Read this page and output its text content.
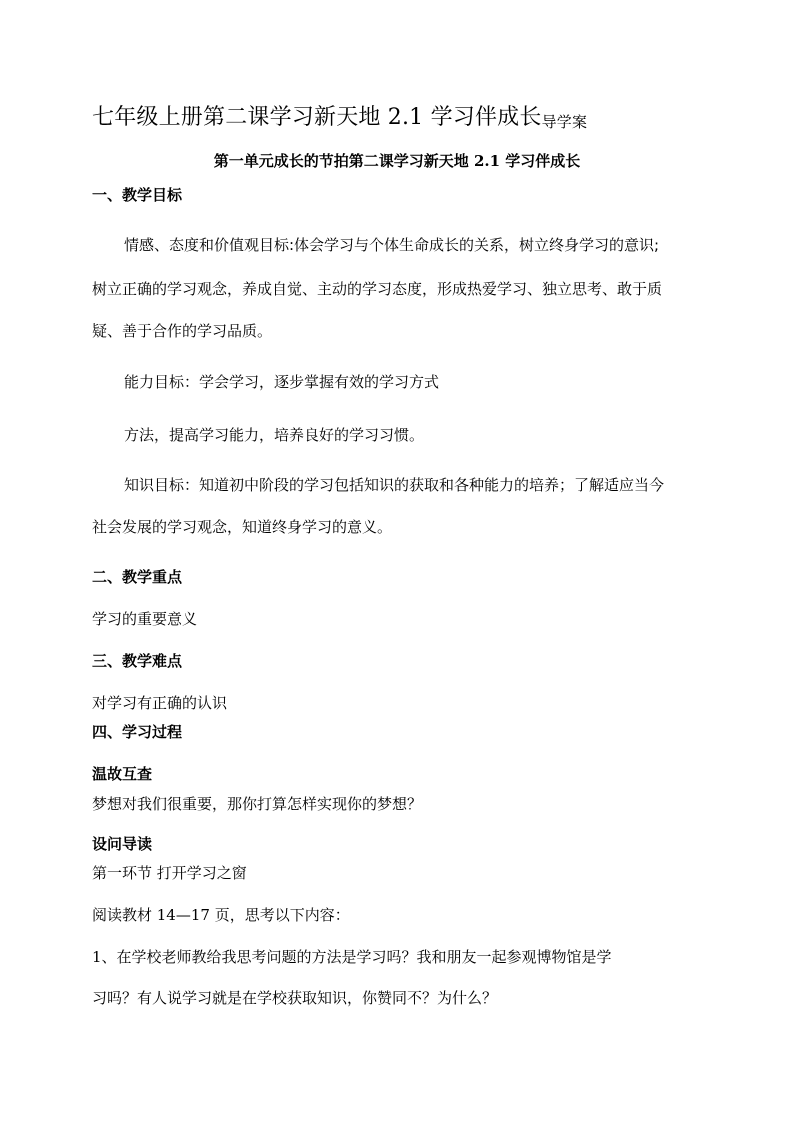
七年级上册第二课学习新天地 2.1 学习伴成长导学案
第一单元成长的节拍第二课学习新天地 2.1 学习伴成长
一、教学目标
情感、态度和价值观目标:体会学习与个体生命成长的关系，树立终身学习的意识;
树立正确的学习观念，养成自觉、主动的学习态度，形成热爱学习、独立思考、敢于质
疑、善于合作的学习品质。
能力目标：学会学习，逐步掌握有效的学习方式
方法，提高学习能力，培养良好的学习习惯。
知识目标：知道初中阶段的学习包括知识的获取和各种能力的培养；了解适应当今
社会发展的学习观念，知道终身学习的意义。
二、教学重点
学习的重要意义
三、教学难点
对学习有正确的认识
四、学习过程
温故互查
梦想对我们很重要，那你打算怎样实现你的梦想？
设问导读
第一环节 打开学习之窗
阅读教材 14—17 页，思考以下内容：
1、在学校老师教给我思考问题的方法是学习吗？我和朋友一起参观博物馆是学
习吗？有人说学习就是在学校获取知识，你赞同不？为什么？
